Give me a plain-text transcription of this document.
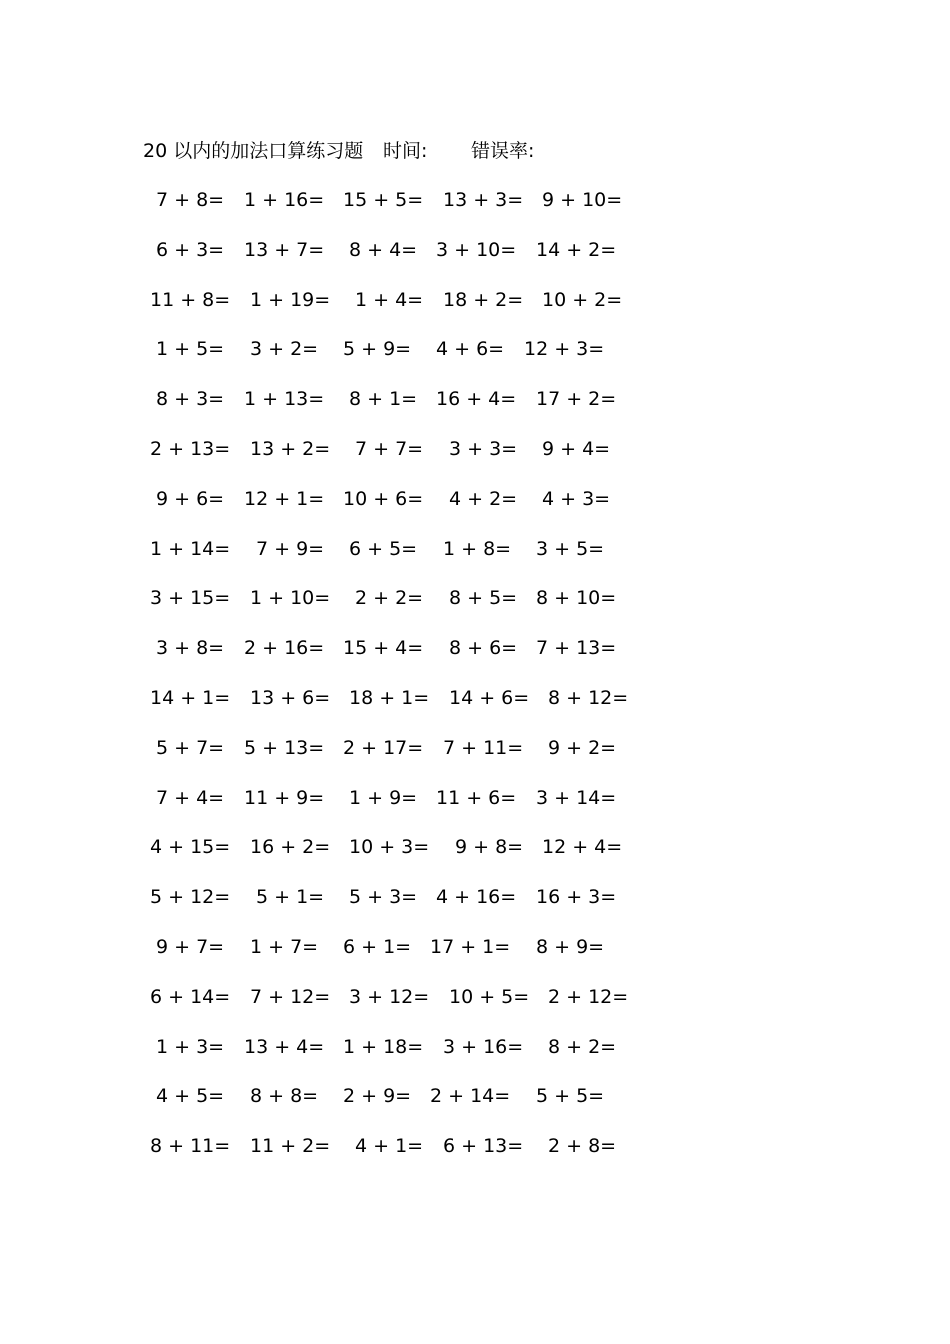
20 以内的加法口算练习题 时间: 错误率:
7 + 8= 1 + 16= 15 + 5= 13 + 3= 9 + 10=
6 + 3= 13 + 7= 8 + 4= 3 + 10= 14 + 2=
11 + 8= 1 + 19= 1 + 4= 18 + 2= 10 + 2=
1 + 5= 3 + 2= 5 + 9= 4 + 6= 12 + 3=
8 + 3= 1 + 13= 8 + 1= 16 + 4= 17 + 2=
2 + 13= 13 + 2= 7 + 7= 3 + 3= 9 + 4=
9 + 6= 12 + 1= 10 + 6= 4 + 2= 4 + 3=
1 + 14= 7 + 9= 6 + 5= 1 + 8= 3 + 5=
3 + 15= 1 + 10= 2 + 2= 8 + 5= 8 + 10=
3 + 8= 2 + 16= 15 + 4= 8 + 6= 7 + 13=
14 + 1= 13 + 6= 18 + 1= 14 + 6= 8 + 12=
5 + 7= 5 + 13= 2 + 17= 7 + 11= 9 + 2=
7 + 4= 11 + 9= 1 + 9= 11 + 6= 3 + 14=
4 + 15= 16 + 2= 10 + 3= 9 + 8= 12 + 4=
5 + 12= 5 + 1= 5 + 3= 4 + 16= 16 + 3=
9 + 7= 1 + 7= 6 + 1= 17 + 1= 8 + 9=
6 + 14= 7 + 12= 3 + 12= 10 + 5= 2 + 12=
1 + 3= 13 + 4= 1 + 18= 3 + 16= 8 + 2=
4 + 5= 8 + 8= 2 + 9= 2 + 14= 5 + 5=
8 + 11= 11 + 2= 4 + 1= 6 + 13= 2 + 8=
